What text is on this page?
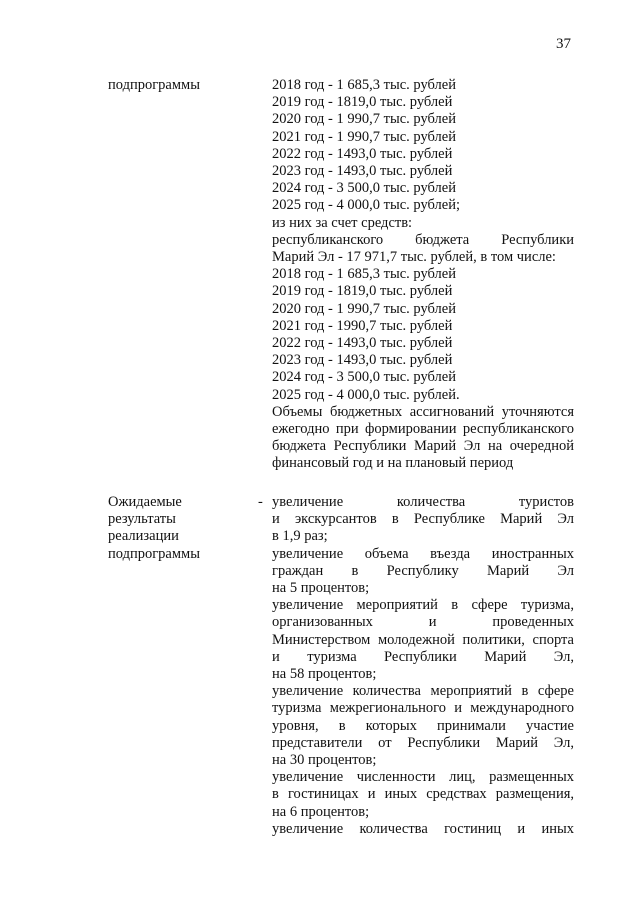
37
подпрограммы	2018 год - 1 685,3 тыс. рублей
2019 год - 1819,0 тыс. рублей
2020 год - 1 990,7 тыс. рублей
2021 год - 1 990,7 тыс. рублей
2022 год - 1493,0 тыс. рублей
2023 год - 1493,0 тыс. рублей
2024 год - 3 500,0 тыс. рублей
2025 год - 4 000,0 тыс. рублей;
из них за счет средств:
республиканского бюджета Республики
Марий Эл - 17 971,7 тыс. рублей, в том числе:
2018 год - 1 685,3 тыс. рублей
2019 год - 1819,0 тыс. рублей
2020 год - 1 990,7 тыс. рублей
2021 год - 1990,7 тыс. рублей
2022 год - 1493,0 тыс. рублей
2023 год - 1493,0 тыс. рублей
2024 год - 3 500,0 тыс. рублей
2025 год - 4 000,0 тыс. рублей.
Объемы бюджетных ассигнований уточняются
ежегодно при формировании республиканского
бюджета Республики Марий Эл на очередной
финансовый год и на плановый период
Ожидаемые
результаты
реализации
подпрограммы
- увеличение количества туристов
и экскурсантов в Республике Марий Эл
в 1,9 раз;
увеличение объема въезда иностранных
граждан в Республику Марий Эл
на 5 процентов;
увеличение мероприятий в сфере туризма,
организованных и проведенных
Министерством молодежной политики, спорта
и туризма Республики Марий Эл,
на 58 процентов;
увеличение количества мероприятий в сфере
туризма межрегионального и международного
уровня, в которых принимали участие
представители от Республики Марий Эл,
на 30 процентов;
увеличение численности лиц, размещенных
в гостиницах и иных средствах размещения,
на 6 процентов;
увеличение количества гостиниц и иных
